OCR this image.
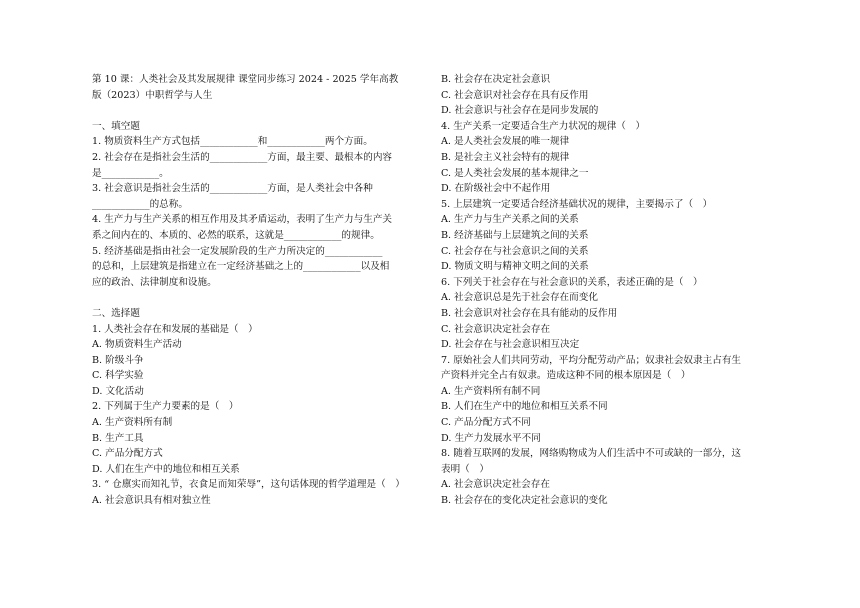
第 10 课：人类社会及其发展规律 课堂同步练习 2024 - 2025 学年高教
版（2023）中职哲学与人生
一、填空题
1. 物质资料生产方式包括____________和____________两个方面。
2. 社会存在是指社会生活的____________方面，最主要、最根本的内容
是____________。
3. 社会意识是指社会生活的____________方面，是人类社会中各种
____________的总称。
4. 生产力与生产关系的相互作用及其矛盾运动，表明了生产力与生产关
系之间内在的、本质的、必然的联系，这就是____________的规律。
5. 经济基础是指由社会一定发展阶段的生产力所决定的____________
的总和，上层建筑是指建立在一定经济基础之上的____________以及相
应的政治、法律制度和设施。
二、选择题
1. 人类社会存在和发展的基础是（　）
A. 物质资料生产活动
B. 阶级斗争
C. 科学实验
D. 文化活动
2. 下列属于生产力要素的是（　）
A. 生产资料所有制
B. 生产工具
C. 产品分配方式
D. 人们在生产中的地位和相互关系
3. “ 仓廪实而知礼节，衣食足而知荣辱”，这句话体现的哲学道理是（　）
A. 社会意识具有相对独立性
B. 社会存在决定社会意识
C. 社会意识对社会存在具有反作用
D. 社会意识与社会存在是同步发展的
4. 生产关系一定要适合生产力状况的规律（　）
A. 是人类社会发展的唯一规律
B. 是社会主义社会特有的规律
C. 是人类社会发展的基本规律之一
D. 在阶级社会中不起作用
5. 上层建筑一定要适合经济基础状况的规律，主要揭示了（　）
A. 生产力与生产关系之间的关系
B. 经济基础与上层建筑之间的关系
C. 社会存在与社会意识之间的关系
D. 物质文明与精神文明之间的关系
6. 下列关于社会存在与社会意识的关系，表述正确的是（　）
A. 社会意识总是先于社会存在而变化
B. 社会意识对社会存在具有能动的反作用
C. 社会意识决定社会存在
D. 社会存在与社会意识相互决定
7. 原始社会人们共同劳动，平均分配劳动产品；奴隶社会奴隶主占有生
产资料并完全占有奴隶。造成这种不同的根本原因是（　）
A. 生产资料所有制不同
B. 人们在生产中的地位和相互关系不同
C. 产品分配方式不同
D. 生产力发展水平不同
8. 随着互联网的发展，网络购物成为人们生活中不可或缺的一部分，这
表明（　）
A. 社会意识决定社会存在
B. 社会存在的变化决定社会意识的变化
